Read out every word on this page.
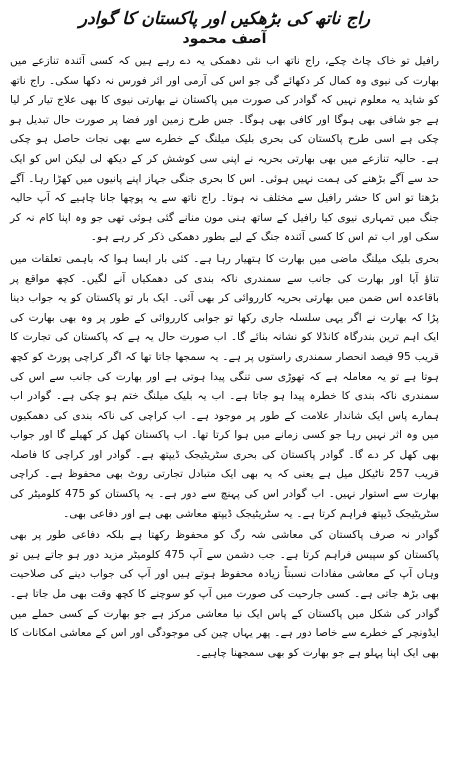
راج ناتھ کی بڑھکیں اور پاکستان کا گوادر
آصف محمود

رافیل تو خاک چاٹ چکے، راج ناتھ اب نئی دھمکی یہ دے رہے ہیں کہ کسی آئندہ تنازعے میں بھارت کی نیوی وہ کمال کر دکھائے گی جو اس کی آرمی اور ائر فورس نہ دکھا سکی۔ راج ناتھ کو شاید یہ معلوم نہیں کہ گوادر کی صورت میں پاکستان نے بھارتی نیوی کا بھی علاج تیار کر لیا ہے جو شافی بھی ہوگا اور کافی بھی ہوگا۔ جس طرح زمین اور فضا پر صورت حال تبدیل ہو چکی ہے اسی طرح پاکستان کی بحری بلیک میلنگ کے خطرے سے بھی نجات حاصل ہو چکی ہے۔ حالیہ تنازعے میں بھی بھارتی بحریہ نے اپنی سی کوشش کر کے دیکھ لی لیکن اس کو ایک حد سے آگے بڑھنے کی ہمت نہیں ہوئی۔ اس کا بحری جنگی جہاز اپنے پانیوں میں کھڑا رہا۔ آگے بڑھتا تو اس کا حشر رافیل سے مختلف نہ ہوتا۔ راج ناتھ سے یہ پوچھا جانا چاہیے کہ آپ حالیہ جنگ میں تمہاری نیوی کیا رافیل کے ساتھ ہنی مون منانے گئی ہوئی تھی جو وہ اپنا کام نہ کر سکی اور اب تم اس کا کسی آئندہ جنگ کے لیے بطور دھمکی ذکر کر رہے ہو۔

بحری بلیک میلنگ ماضی میں بھارت کا ہتھیار رہا ہے۔ کئی بار ایسا ہوا کہ باہمی تعلقات میں تناؤ آیا اور بھارت کی جانب سے سمندری ناکہ بندی کی دھمکیاں آنے لگیں۔ کچھ مواقع پر باقاعدہ اس ضمن میں بھارتی بحریہ کارروائی کر بھی آئی۔ ایک بار تو پاکستان کو یہ جواب دینا پڑا کہ بھارت نے اگر یہی سلسلہ جاری رکھا تو جوابی کارروائی کے طور پر وہ بھی بھارت کی ایک اہم ترین بندرگاہ کانڈلا کو نشانہ بنائے گا۔ اب صورت حال یہ ہے کہ پاکستان کی تجارت کا قریب 95 فیصد انحصار سمندری راستوں پر ہے۔ یہ سمجھا جاتا تھا کہ اگر کراچی پورٹ کو کچھ ہوتا ہے تو یہ معاملہ ہے کہ تھوڑی سی تنگی پیدا ہوتی ہے اور بھارت کی جانب سے اس کی سمندری ناکہ بندی کا خطرہ پیدا ہو جاتا ہے۔ اب یہ بلیک میلنگ ختم ہو چکی ہے۔ گوادر اب ہمارے پاس ایک شاندار علامت کے طور پر موجود ہے۔ اب کراچی کی ناکہ بندی کی دھمکیوں میں وہ اثر نہیں رہا جو کسی زمانے میں ہوا کرتا تھا۔ اب پاکستان کھل کر کھیلے گا اور جواب بھی کھل کر دے گا۔ گوادر پاکستان کی بحری سٹریٹیجک ڈیپتھ ہے۔ گوادر اور کراچی کا فاصلہ قریب 257 ناٹیکل میل ہے یعنی کہ یہ بھی ایک متبادل تجارتی روٹ بھی محفوظ ہے۔ کراچی بھارت سے استوار نہیں۔ اب گوادر اس کی پہنچ سے دور ہے۔ یہ پاکستان کو 475 کلومیٹر کی سٹریٹیجک ڈیپتھ فراہم کرتا ہے۔ یہ سٹریٹیجک ڈیپتھ معاشی بھی ہے اور دفاعی بھی۔

گوادر نہ صرف پاکستان کی معاشی شہ رگ کو محفوظ رکھتا ہے بلکہ دفاعی طور پر بھی پاکستان کو سپیس فراہم کرتا ہے۔ جب دشمن سے آپ 475 کلومیٹر مزید دور ہو جاتے ہیں تو وہاں آپ کے معاشی مفادات نسبتاً زیادہ محفوظ ہوتے ہیں اور آپ کی جواب دینے کی صلاحیت بھی بڑھ جاتی ہے۔ کسی جارحیت کی صورت میں آپ کو سوچنے کا کچھ وقت بھی مل جاتا ہے۔ گوادر کی شکل میں پاکستان کے پاس ایک نیا معاشی مرکز ہے جو بھارت کے کسی حملے میں ایڈونچر کے خطرے سے خاصا دور ہے۔ پھر یہاں چین کی موجودگی اور اس کے معاشی امکانات کا بھی ایک اپنا پہلو ہے جو بھارت کو بھی سمجھنا چاہیے۔
